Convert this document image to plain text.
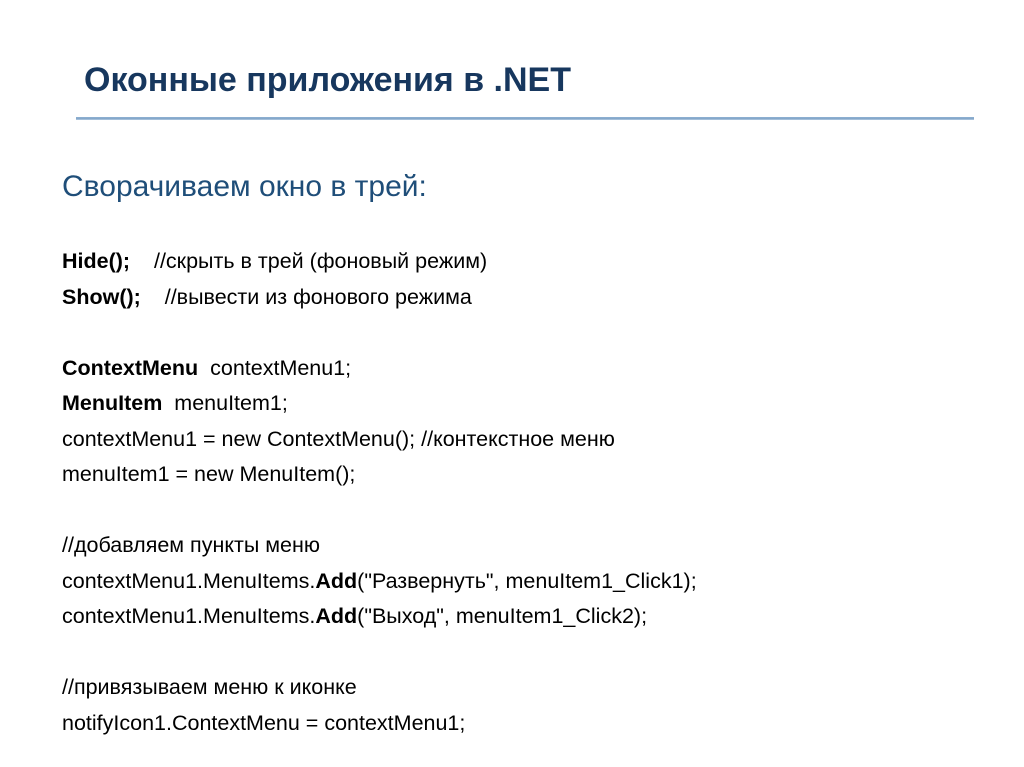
Оконные приложения в .NET

Сворачиваем окно в трей:

Hide(); //скрыть в трей (фоновый режим)
Show(); //вывести из фонового режима
ContextMenu contextMenu1;
MenuItem menuItem1;
contextMenu1 = new ContextMenu(); //контекстное меню
menuItem1 = new MenuItem();
//добавляем пункты меню
contextMenu1.MenuItems.Add("Развернуть", menuItem1_Click1);
contextMenu1.MenuItems.Add("Выход", menuItem1_Click2);
//привязываем меню к иконке
notifyIcon1.ContextMenu = contextMenu1;
